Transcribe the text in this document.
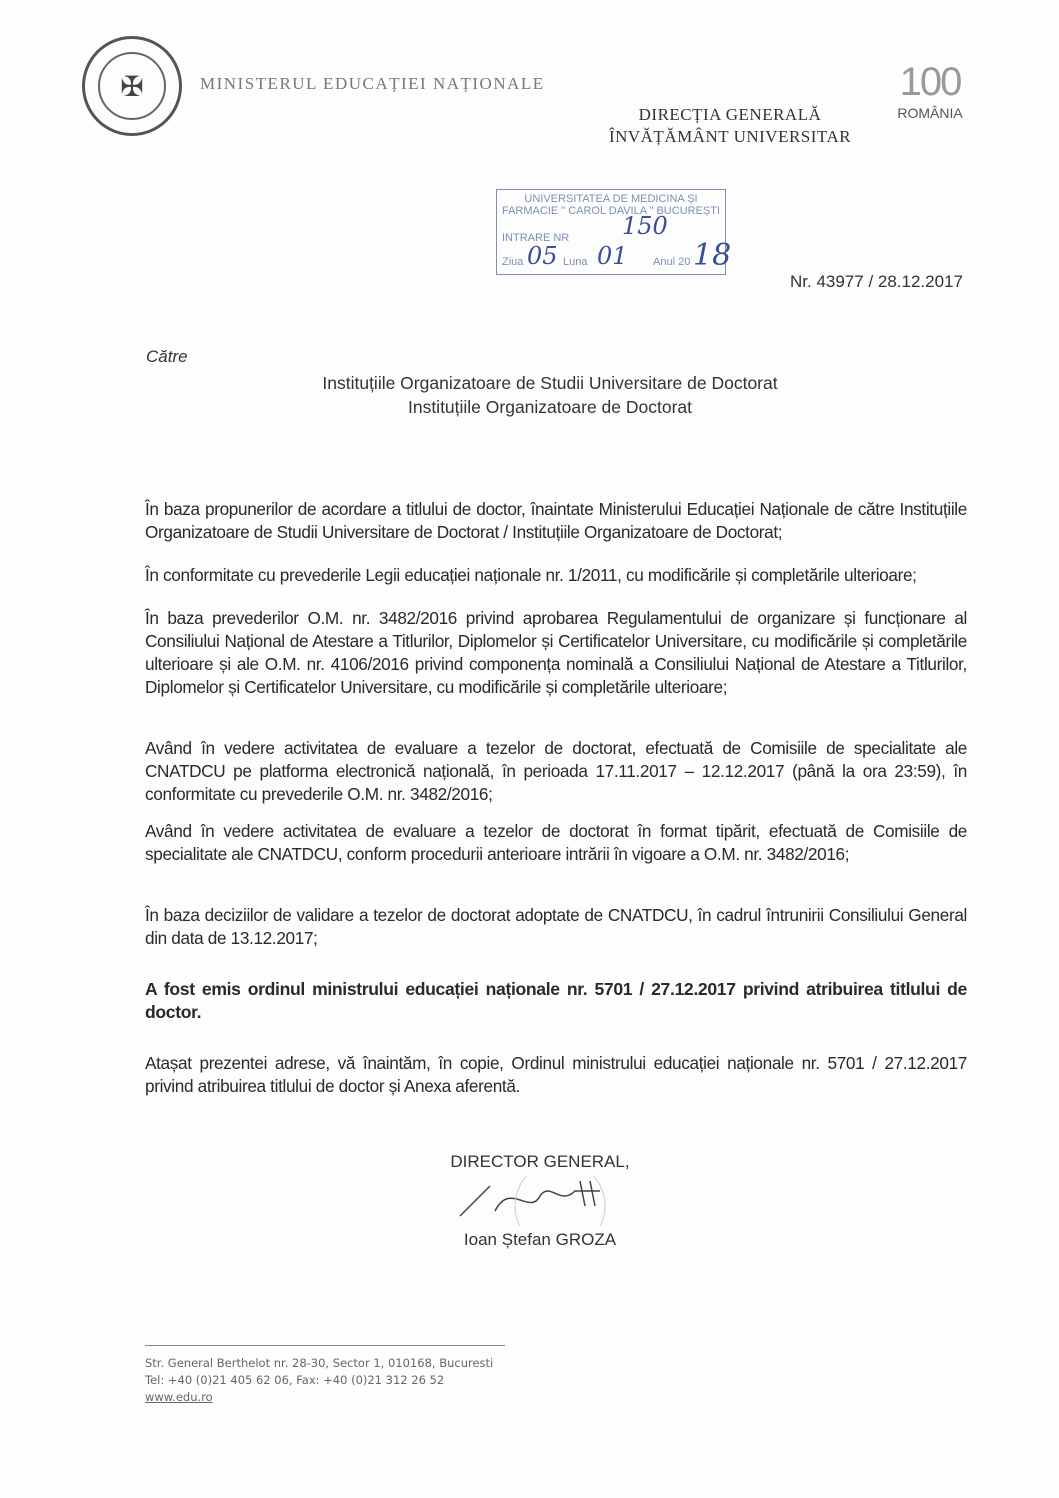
✠	MINISTERUL EDUCAȚIEI NAȚIONALE
DIRECȚIA GENERALĂ
ÎNVĂȚĂMÂNT UNIVERSITAR
100
ROMÂNIA
UNIVERSITATEA DE MEDICINA ȘI
FARMACIE " CAROL DAVILA " BUCUREȘTI
INTRARE NR 150
Ziua 05 Luna 01 Anul 20 18
Nr. 43977 / 28.12.2017
Către
Instituțiile Organizatoare de Studii Universitare de Doctorat
Instituțiile Organizatoare de Doctorat
În baza propunerilor de acordare a titlului de doctor, înaintate Ministerului Educației Naționale de către Instituțiile Organizatoare de Studii Universitare de Doctorat / Instituțiile Organizatoare de Doctorat;
În conformitate cu prevederile Legii educației naționale nr. 1/2011, cu modificările și completările ulterioare;
În baza prevederilor O.M. nr. 3482/2016 privind aprobarea Regulamentului de organizare și funcționare al Consiliului Național de Atestare a Titlurilor, Diplomelor și Certificatelor Universitare, cu modificările și completările ulterioare și ale O.M. nr. 4106/2016 privind componența nominală a Consiliului Național de Atestare a Titlurilor, Diplomelor și Certificatelor Universitare, cu modificările și completările ulterioare;
Având în vedere activitatea de evaluare a tezelor de doctorat, efectuată de Comisiile de specialitate ale CNATDCU pe platforma electronică națională, în perioada 17.11.2017 – 12.12.2017 (până la ora 23:59), în conformitate cu prevederile O.M. nr. 3482/2016;
Având în vedere activitatea de evaluare a tezelor de doctorat în format tipărit, efectuată de Comisiile de specialitate ale CNATDCU, conform procedurii anterioare intrării în vigoare a O.M. nr. 3482/2016;
În baza deciziilor de validare a tezelor de doctorat adoptate de CNATDCU, în cadrul întrunirii Consiliului General din data de 13.12.2017;
A fost emis ordinul ministrului educației naționale nr. 5701 / 27.12.2017 privind atribuirea titlului de doctor.
Atașat prezentei adrese, vă înaintăm, în copie, Ordinul ministrului educației naționale nr. 5701 / 27.12.2017 privind atribuirea titlului de doctor și Anexa aferentă.
DIRECTOR GENERAL,
Ioan Ștefan GROZA
Str. General Berthelot nr. 28-30, Sector 1, 010168, Bucuresti
Tel: +40 (0)21 405 62 06, Fax: +40 (0)21 312 26 52
www.edu.ro
